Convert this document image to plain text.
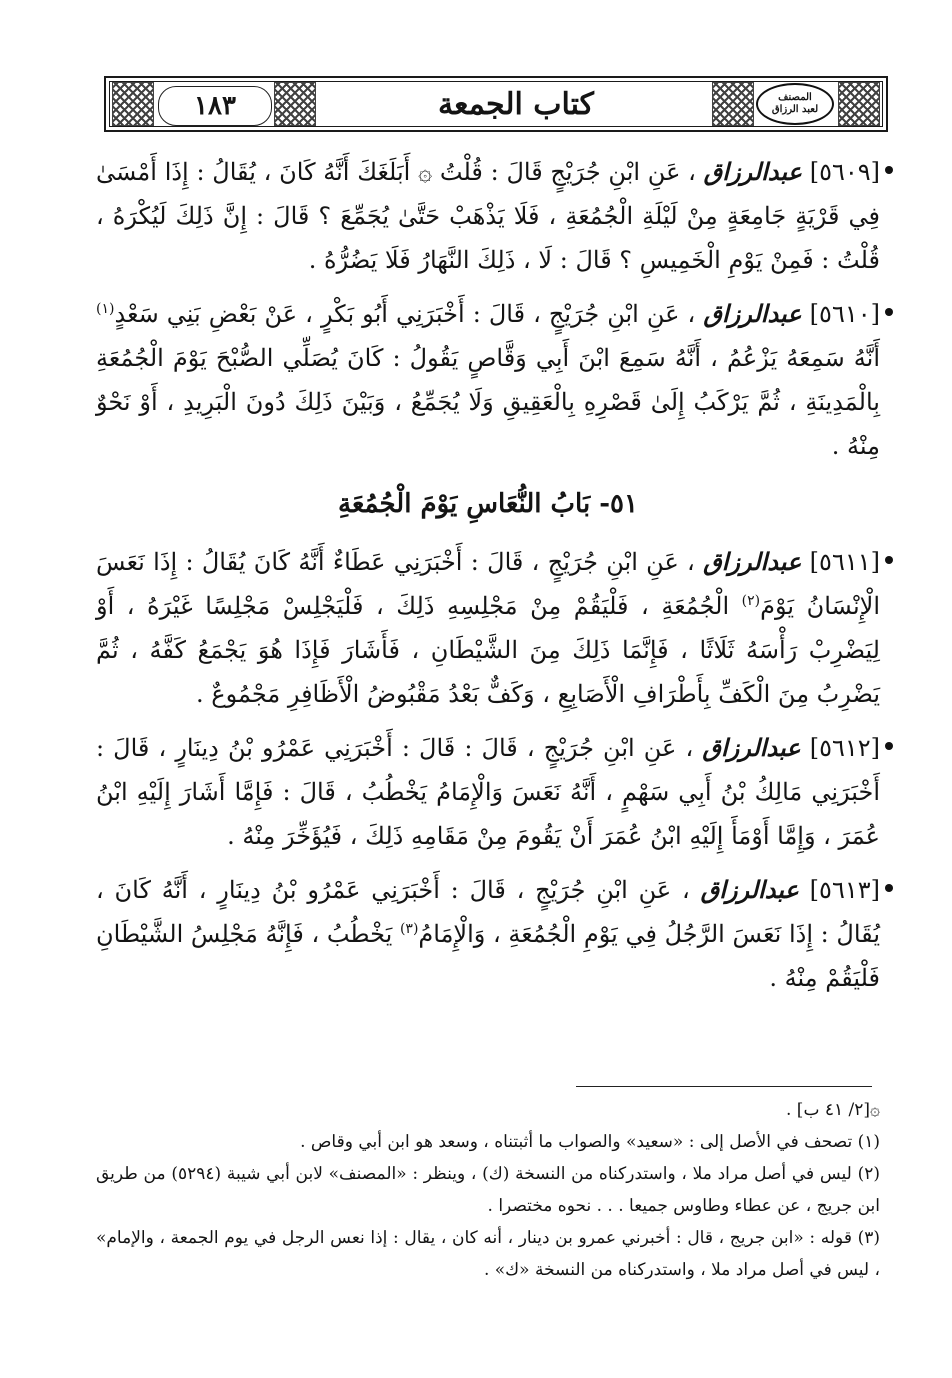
١٨٣	كتاب الجمعة	المصنف
لعبد الرزاق

[٥٦٠٩] عبدالرزاق ، عَنِ ابْنِ جُرَيْجٍ قَالَ : قُلْتُ ۞ أَبَلَغَكَ أَنَّهُ كَانَ ، يُقَالُ : إِذَا أَمْسَىٰ فِي قَرْيَةٍ جَامِعَةٍ مِنْ لَيْلَةِ الْجُمُعَةِ ، فَلَا يَذْهَبْ حَتَّىٰ يُجَمِّعَ ؟ قَالَ : إِنَّ ذَلِكَ لَيُكْرَهُ ، قُلْتُ : فَمِنْ يَوْمِ الْخَمِيسِ ؟ قَالَ : لَا ، ذَلِكَ النَّهَارُ فَلَا يَضُرُّهُ .

[٥٦١٠] عبدالرزاق ، عَنِ ابْنِ جُرَيْجٍ ، قَالَ : أَخْبَرَنِي أَبُو بَكْرٍ ، عَنْ بَعْضِ بَنِي سَعْدٍ$^{(١)}$ أَنَّهُ سَمِعَهُ يَزْعُمُ ، أَنَّهُ سَمِعَ ابْنَ أَبِي وَقَّاصٍ يَقُولُ : كَانَ يُصَلِّي الصُّبْحَ يَوْمَ الْجُمُعَةِ بِالْمَدِينَةِ ، ثُمَّ يَرْكَبُ إِلَىٰ قَصْرِهِ بِالْعَقِيقِ وَلَا يُجَمِّعُ ، وَبَيْنَ ذَلِكَ دُونَ الْبَرِيدِ ، أَوْ نَحْوٌ مِنْهُ .

٥١- بَابُ النُّعَاسِ يَوْمَ الْجُمُعَةِ

[٥٦١١] عبدالرزاق ، عَنِ ابْنِ جُرَيْجٍ ، قَالَ : أَخْبَرَنِي عَطَاءٌ أَنَّهُ كَانَ يُقَالُ : إِذَا نَعَسَ الْإِنْسَانُ يَوْمَ$^{(٢)}$ الْجُمُعَةِ ، فَلْيَقُمْ مِنْ مَجْلِسِهِ ذَلِكَ ، فَلْيَجْلِسْ مَجْلِسًا غَيْرَهُ ، أَوْ لِيَضْرِبْ رَأْسَهُ ثَلَاثًا ، فَإِنَّمَا ذَلِكَ مِنَ الشَّيْطَانِ ، فَأَشَارَ فَإِذَا هُوَ يَجْمَعُ كَفَّهُ ، ثُمَّ يَضْرِبُ مِنَ الْكَفِّ بِأَطْرَافِ الْأَصَابِعِ ، وَكَفٌّ بَعْدُ مَقْبُوضُ الْأَظَافِرِ مَجْمُوعٌ .

[٥٦١٢] عبدالرزاق ، عَنِ ابْنِ جُرَيْجٍ ، قَالَ : قَالَ : أَخْبَرَنِي عَمْرُو بْنُ دِينَارٍ ، قَالَ : أَخْبَرَنِي مَالِكُ بْنُ أَبِي سَهْمٍ ، أَنَّهُ نَعَسَ وَالْإِمَامُ يَخْطُبُ ، قَالَ : فَإِمَّا أَشَارَ إِلَيْهِ ابْنُ عُمَرَ ، وَإِمَّا أَوْمَأَ إِلَيْهِ ابْنُ عُمَرَ أَنْ يَقُومَ مِنْ مَقَامِهِ ذَلِكَ ، فَيُؤَخِّرَ مِنْهُ .

[٥٦١٣] عبدالرزاق ، عَنِ ابْنِ جُرَيْجٍ ، قَالَ : أَخْبَرَنِي عَمْرُو بْنُ دِينَارٍ ، أَنَّهُ كَانَ ، يُقَالُ : إِذَا نَعَسَ الرَّجُلُ فِي يَوْمِ الْجُمُعَةِ ، وَالْإِمَامُ$^{(٣)}$ يَخْطُبُ ، فَإِنَّهُ مَجْلِسُ الشَّيْطَانِ فَلْيَقُمْ مِنْهُ .

۞[٢/ ٤١ ب] .

(١) تصحف في الأصل إلى : «سعيد» والصواب ما أثبتناه ، وسعد هو ابن أبي وقاص .

(٢) ليس في أصل مراد ملا ، واستدركناه من النسخة (ك) ، وينظر : «المصنف» لابن أبي شيبة (٥٢٩٤) من طريق ابن جريج ، عن عطاء وطاوس جميعا . . . نحوه مختصرا .

(٣) قوله : «ابن جريج ، قال : أخبرني عمرو بن دينار ، أنه كان ، يقال : إذا نعس الرجل في يوم الجمعة ، والإمام» ، ليس في أصل مراد ملا ، واستدركناه من النسخة «ك» .
